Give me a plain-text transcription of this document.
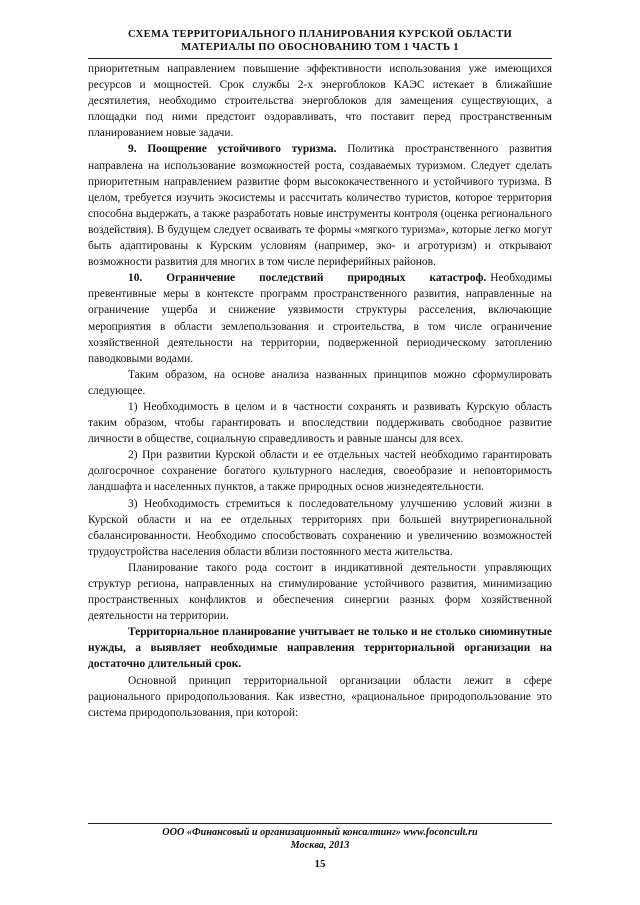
СХЕМА ТЕРРИТОРИАЛЬНОГО ПЛАНИРОВАНИЯ КУРСКОЙ ОБЛАСТИ
МАТЕРИАЛЫ ПО ОБОСНОВАНИЮ ТОМ 1 ЧАСТЬ 1

приоритетным направлением повышение эффективности использования уже имеющихся ресурсов и мощностей. Срок службы 2-х энергоблоков КАЭС истекает в ближайшие десятилетия, необходимо строительства энергоблоков для замещения существующих, а площадки под ними предстоит оздоравливать, что поставит перед пространственным планированием новые задачи.

9. Поощрение устойчивого туризма. Политика пространственного развития направлена на использование возможностей роста, создаваемых туризмом. Следует сделать приоритетным направлением развитие форм высококачественного и устойчивого туризма. В целом, требуется изучить экосистемы и рассчитать количество туристов, которое территория способна выдержать, а также разработать новые инструменты контроля (оценка регионального воздействия). В будущем следует осваивать те формы «мягкого туризма», которые легко могут быть адаптированы к Курским условиям (например, эко- и агротуризм) и открывают возможности развития для многих в том числе периферийных районов.

10. Ограничение последствий природных катастроф. Необходимы превентивные меры в контексте программ пространственного развития, направленные на ограничение ущерба и снижение уязвимости структуры расселения, включающие мероприятия в области землепользования и строительства, в том числе ограничение хозяйственной деятельности на территории, подверженной периодическому затоплению паводковыми водами.

Таким образом, на основе анализа названных принципов можно сформулировать следующее.

1) Необходимость в целом и в частности сохранять и развивать Курскую область таким образом, чтобы гарантировать и впоследствии поддерживать свободное развитие личности в обществе, социальную справедливость и равные шансы для всех.

2) При развитии Курской области и ее отдельных частей необходимо гарантировать долгосрочное сохранение богатого культурного наследия, своеобразие и неповторимость ландшафта и населенных пунктов, а также природных основ жизнедеятельности.

3) Необходимость стремиться к последовательному улучшению условий жизни в Курской области и на ее отдельных территориях при большей внутрирегиональной сбалансированности. Необходимо способствовать сохранению и увеличению возможностей трудоустройства населения области вблизи постоянного места жительства.

Планирование такого рода состоит в индикативной деятельности управляющих структур региона, направленных на стимулирование устойчивого развития, минимизацию пространственных конфликтов и обеспечения синергии разных форм хозяйственной деятельности на территории.

Территориальное планирование учитывает не только и не столько сиюминутные нужды, а выявляет необходимые направления территориальной организации на достаточно длительный срок.

Основной принцип территориальной организации области лежит в сфере рационального природопользования. Как известно, «рациональное природопользование это система природопользования, при которой:

ООО «Финансовый и организационный консалтинг» www.foconcult.ru
Москва, 2013
15
